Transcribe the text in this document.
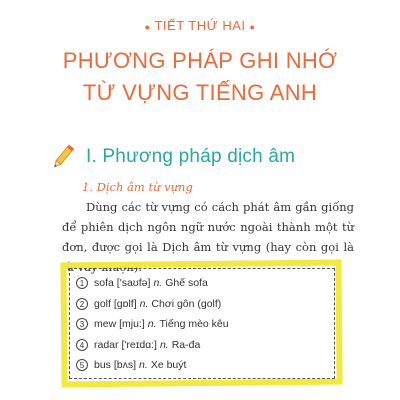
● TIẾT THỨ HAI ●
PHƯƠNG PHÁP GHI NHỚ
TỪ VỰNG TIẾNG ANH
I. Phương pháp dịch âm
1. Dịch âm từ vựng
Dùng các từ vựng có cách phát âm gần giống để phiên dịch ngôn ngữ nước ngoài thành một từ đơn, được gọi là Dịch âm từ vựng (hay còn gọi là từ vay mượn).
1 sofa
['saʊfə] n. Ghế sofa
2 golf
[gɒlf] n. Chơi gôn (golf)
3 mew
[mju:] n. Tiếng mèo kêu
4 radar
['reɪdɑ:] n. Ra-đa
5 bus
[bʌs] n. Xe buýt
